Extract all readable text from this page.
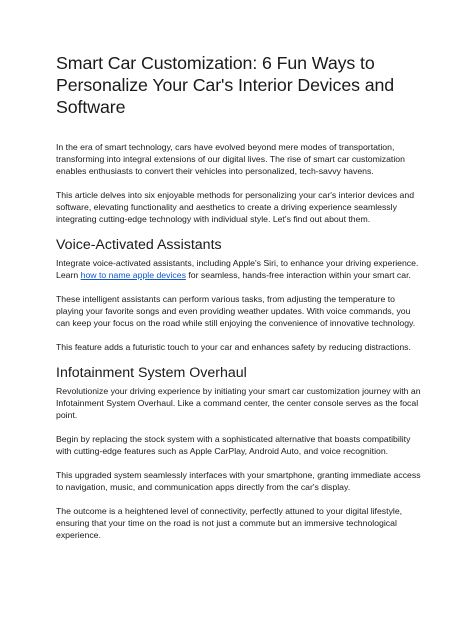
Smart Car Customization: 6 Fun Ways to Personalize Your Car's Interior Devices and Software

In the era of smart technology, cars have evolved beyond mere modes of transportation, transforming into integral extensions of our digital lives. The rise of smart car customization enables enthusiasts to convert their vehicles into personalized, tech-savvy havens.

This article delves into six enjoyable methods for personalizing your car's interior devices and software, elevating functionality and aesthetics to create a driving experience seamlessly integrating cutting-edge technology with individual style. Let's find out about them.

Voice-Activated Assistants

Integrate voice-activated assistants, including Apple's Siri, to enhance your driving experience. Learn how to name apple devices for seamless, hands-free interaction within your smart car.

These intelligent assistants can perform various tasks, from adjusting the temperature to playing your favorite songs and even providing weather updates. With voice commands, you can keep your focus on the road while still enjoying the convenience of innovative technology.

This feature adds a futuristic touch to your car and enhances safety by reducing distractions.

Infotainment System Overhaul

Revolutionize your driving experience by initiating your smart car customization journey with an Infotainment System Overhaul. Like a command center, the center console serves as the focal point.

Begin by replacing the stock system with a sophisticated alternative that boasts compatibility with cutting-edge features such as Apple CarPlay, Android Auto, and voice recognition.

This upgraded system seamlessly interfaces with your smartphone, granting immediate access to navigation, music, and communication apps directly from the car's display.

The outcome is a heightened level of connectivity, perfectly attuned to your digital lifestyle, ensuring that your time on the road is not just a commute but an immersive technological experience.
